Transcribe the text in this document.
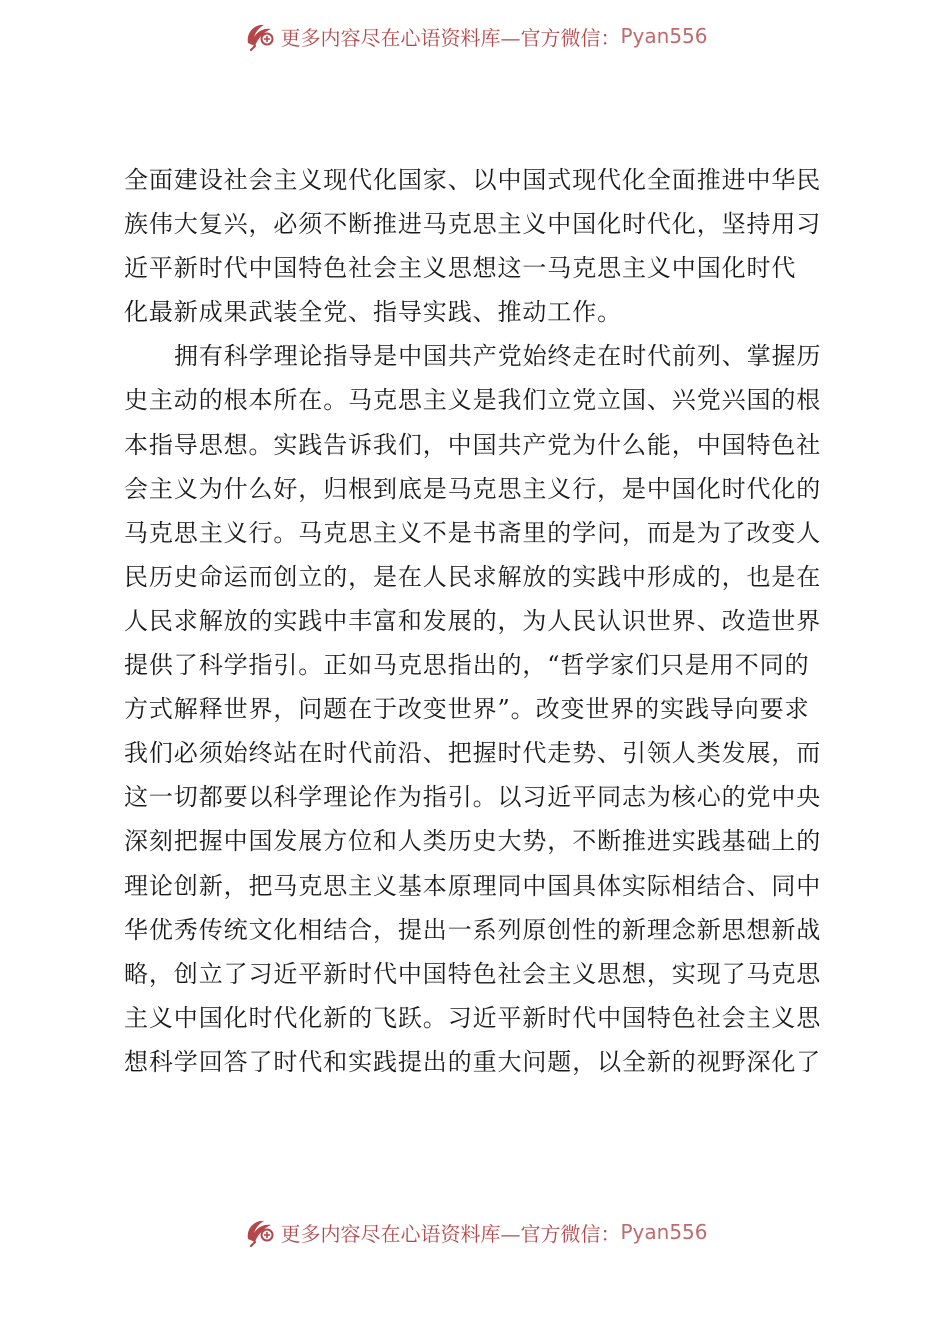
更多内容尽在心语资料库—官方微信： Pyan556

全面建设社会主义现代化国家、以中国式现代化全面推进中华民
族伟大复兴，必须不断推进马克思主义中国化时代化，坚持用习
近平新时代中国特色社会主义思想这一马克思主义中国化时代
化最新成果武装全党、指导实践、推动工作。

拥有科学理论指导是中国共产党始终走在时代前列、掌握历
史主动的根本所在。马克思主义是我们立党立国、兴党兴国的根
本指导思想。实践告诉我们，中国共产党为什么能，中国特色社
会主义为什么好，归根到底是马克思主义行，是中国化时代化的
马克思主义行。马克思主义不是书斋里的学问，而是为了改变人
民历史命运而创立的，是在人民求解放的实践中形成的，也是在
人民求解放的实践中丰富和发展的，为人民认识世界、改造世界
提供了科学指引。正如马克思指出的，“哲学家们只是用不同的
方式解释世界，问题在于改变世界”。改变世界的实践导向要求
我们必须始终站在时代前沿、把握时代走势、引领人类发展，而
这一切都要以科学理论作为指引。以习近平同志为核心的党中央
深刻把握中国发展方位和人类历史大势，不断推进实践基础上的
理论创新，把马克思主义基本原理同中国具体实际相结合、同中
华优秀传统文化相结合，提出一系列原创性的新理念新思想新战
略，创立了习近平新时代中国特色社会主义思想，实现了马克思
主义中国化时代化新的飞跃。习近平新时代中国特色社会主义思
想科学回答了时代和实践提出的重大问题，以全新的视野深化了

更多内容尽在心语资料库—官方微信： Pyan556
